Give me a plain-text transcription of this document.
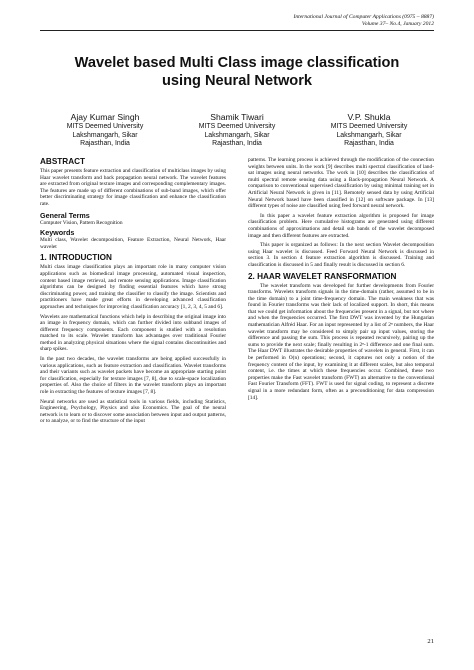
International Journal of Computer Applications (0975 – 8887)
Volume 37– No.4, January 2012
Wavelet based Multi Class image classification
using Neural Network
Ajay Kumar Singh
MITS Deemed University
Lakshmangarh, Sikar
Rajasthan, India
Shamik Tiwari
MITS Deemed University
Lakshmangarh, Sikar
Rajasthan, India
V.P. Shukla
MITS Deemed University
Lakshmangarh, Sikar
Rajasthan, India
ABSTRACT

This paper presents feature extraction and classification of multiclass images by using Haar wavelet transform and back propagation neural network. The wavelet features are extracted from original texture images and corresponding complementary images. The features are made up of different combinations of sub-band images, which offer better discriminating strategy for image classification and enhance the classification rate.

General Terms

Computer Vision, Pattern Recognition

Keywords

Multi class, Wavelet decomposition, Feature Extraction, Neural Network, Haar wavelet

1. INTRODUCTION

Multi class image classification plays an important role in many computer vision applications such as biomedical image processing, automated visual inspection, content based image retrieval, and remote sensing applications. Image classification algorithms can be designed by finding essential features which have strong discriminating power, and training the classifier to classify the image. Scientists and practitioners have made great efforts in developing advanced classification approaches and techniques for improving classification accuracy [1, 2, 3, 4, 5 and 6].

Wavelets are mathematical functions which help in describing the original image into an image in frequency domain, which can further divided into subband images of different frequency components. Each component is studied with a resolution matched to its scale. Wavelet transform has advantages over traditional Fourier method in analyzing physical situations where the signal contains discontinuities and sharp spikes.

In the past two decades, the wavelet transforms are being applied successfully in various applications, such as feature extraction and classification. Wavelet transforms and their variants such as wavelet packets have become an appropriate starting point for classification, especially for texture images [7, 8], due to scale-space localization properties of. Also the choice of filters in the wavelet transform plays an important role in extracting the features of texture images [7, 8].

Neural networks are used as statistical tools in various fields, including Statistics, Engineering, Psychology, Physics and also Economics. The goal of the neural network is to learn or to discover some association between input and output patterns, or to analyze, or to find the structure of the input

patterns. The learning process is achieved through the modification of the connection weights between units. In the work [9] describes multi spectral classification of land-sat images using neural networks. The work in [10] describes the classification of multi spectral remote sensing data using a Back-propagation Neural Network. A comparison to conventional supervised classification by using minimal training set in Artificial Neural Network is given in [11]. Remotely sensed data by using Artificial Neural Network based have been classified in [12] on software package. In [13] different types of noise are classified using feed forward neural network.

In this paper a wavelet feature extraction algorithm is proposed for image classification problem. Here cumulative histograms are generated using different combinations of approximations and detail sub bands of the wavelet decomposed image and then different features are extracted.

This paper is organized as follows: In the next section Wavelet decomposition using Haar wavelet is discussed. Feed Forward Neural Network is discussed in section 3. In section 4 feature extraction algorithm is discussed. Training and classification is discussed in 5 and finally result is discussed in section 6.

2. HAAR WAVELET RANSFORMATION

The wavelet transform was developed for further developments from Fourier transforms. Wavelets transform signals in the time-domain (rather, assumed to be in the time domain) to a joint time-frequency domain. The main weakness that was found in Fourier transforms was their lack of localized support. In short, this means that we could get information about the frequencies present in a signal, but not where and when the frequencies occurred. The first DWT was invented by the Hungarian mathematician Alfréd Haar. For an input represented by a list of 2ⁿ numbers, the Haar wavelet transform may be considered to simply pair up input values, storing the difference and passing the sum. This process is repeated recursively, pairing up the sums to provide the next scale; finally resulting in 2ⁿ-1 difference and one final sum. The Haar DWT illustrates the desirable properties of wavelets in general. First, it can be performed in O(n) operations; second, it captures not only a notion of the frequency content of the input, by examining it at different scales, but also temporal content, i.e. the times at which these frequencies occur. Combined, these two properties make the Fast wavelet transform (FWT) an alternative to the conventional Fast Fourier Transform (FFT). FWT is used for signal coding, to represent a discrete signal in a more redundant form, often as a preconditioning for data compression [14].

21
